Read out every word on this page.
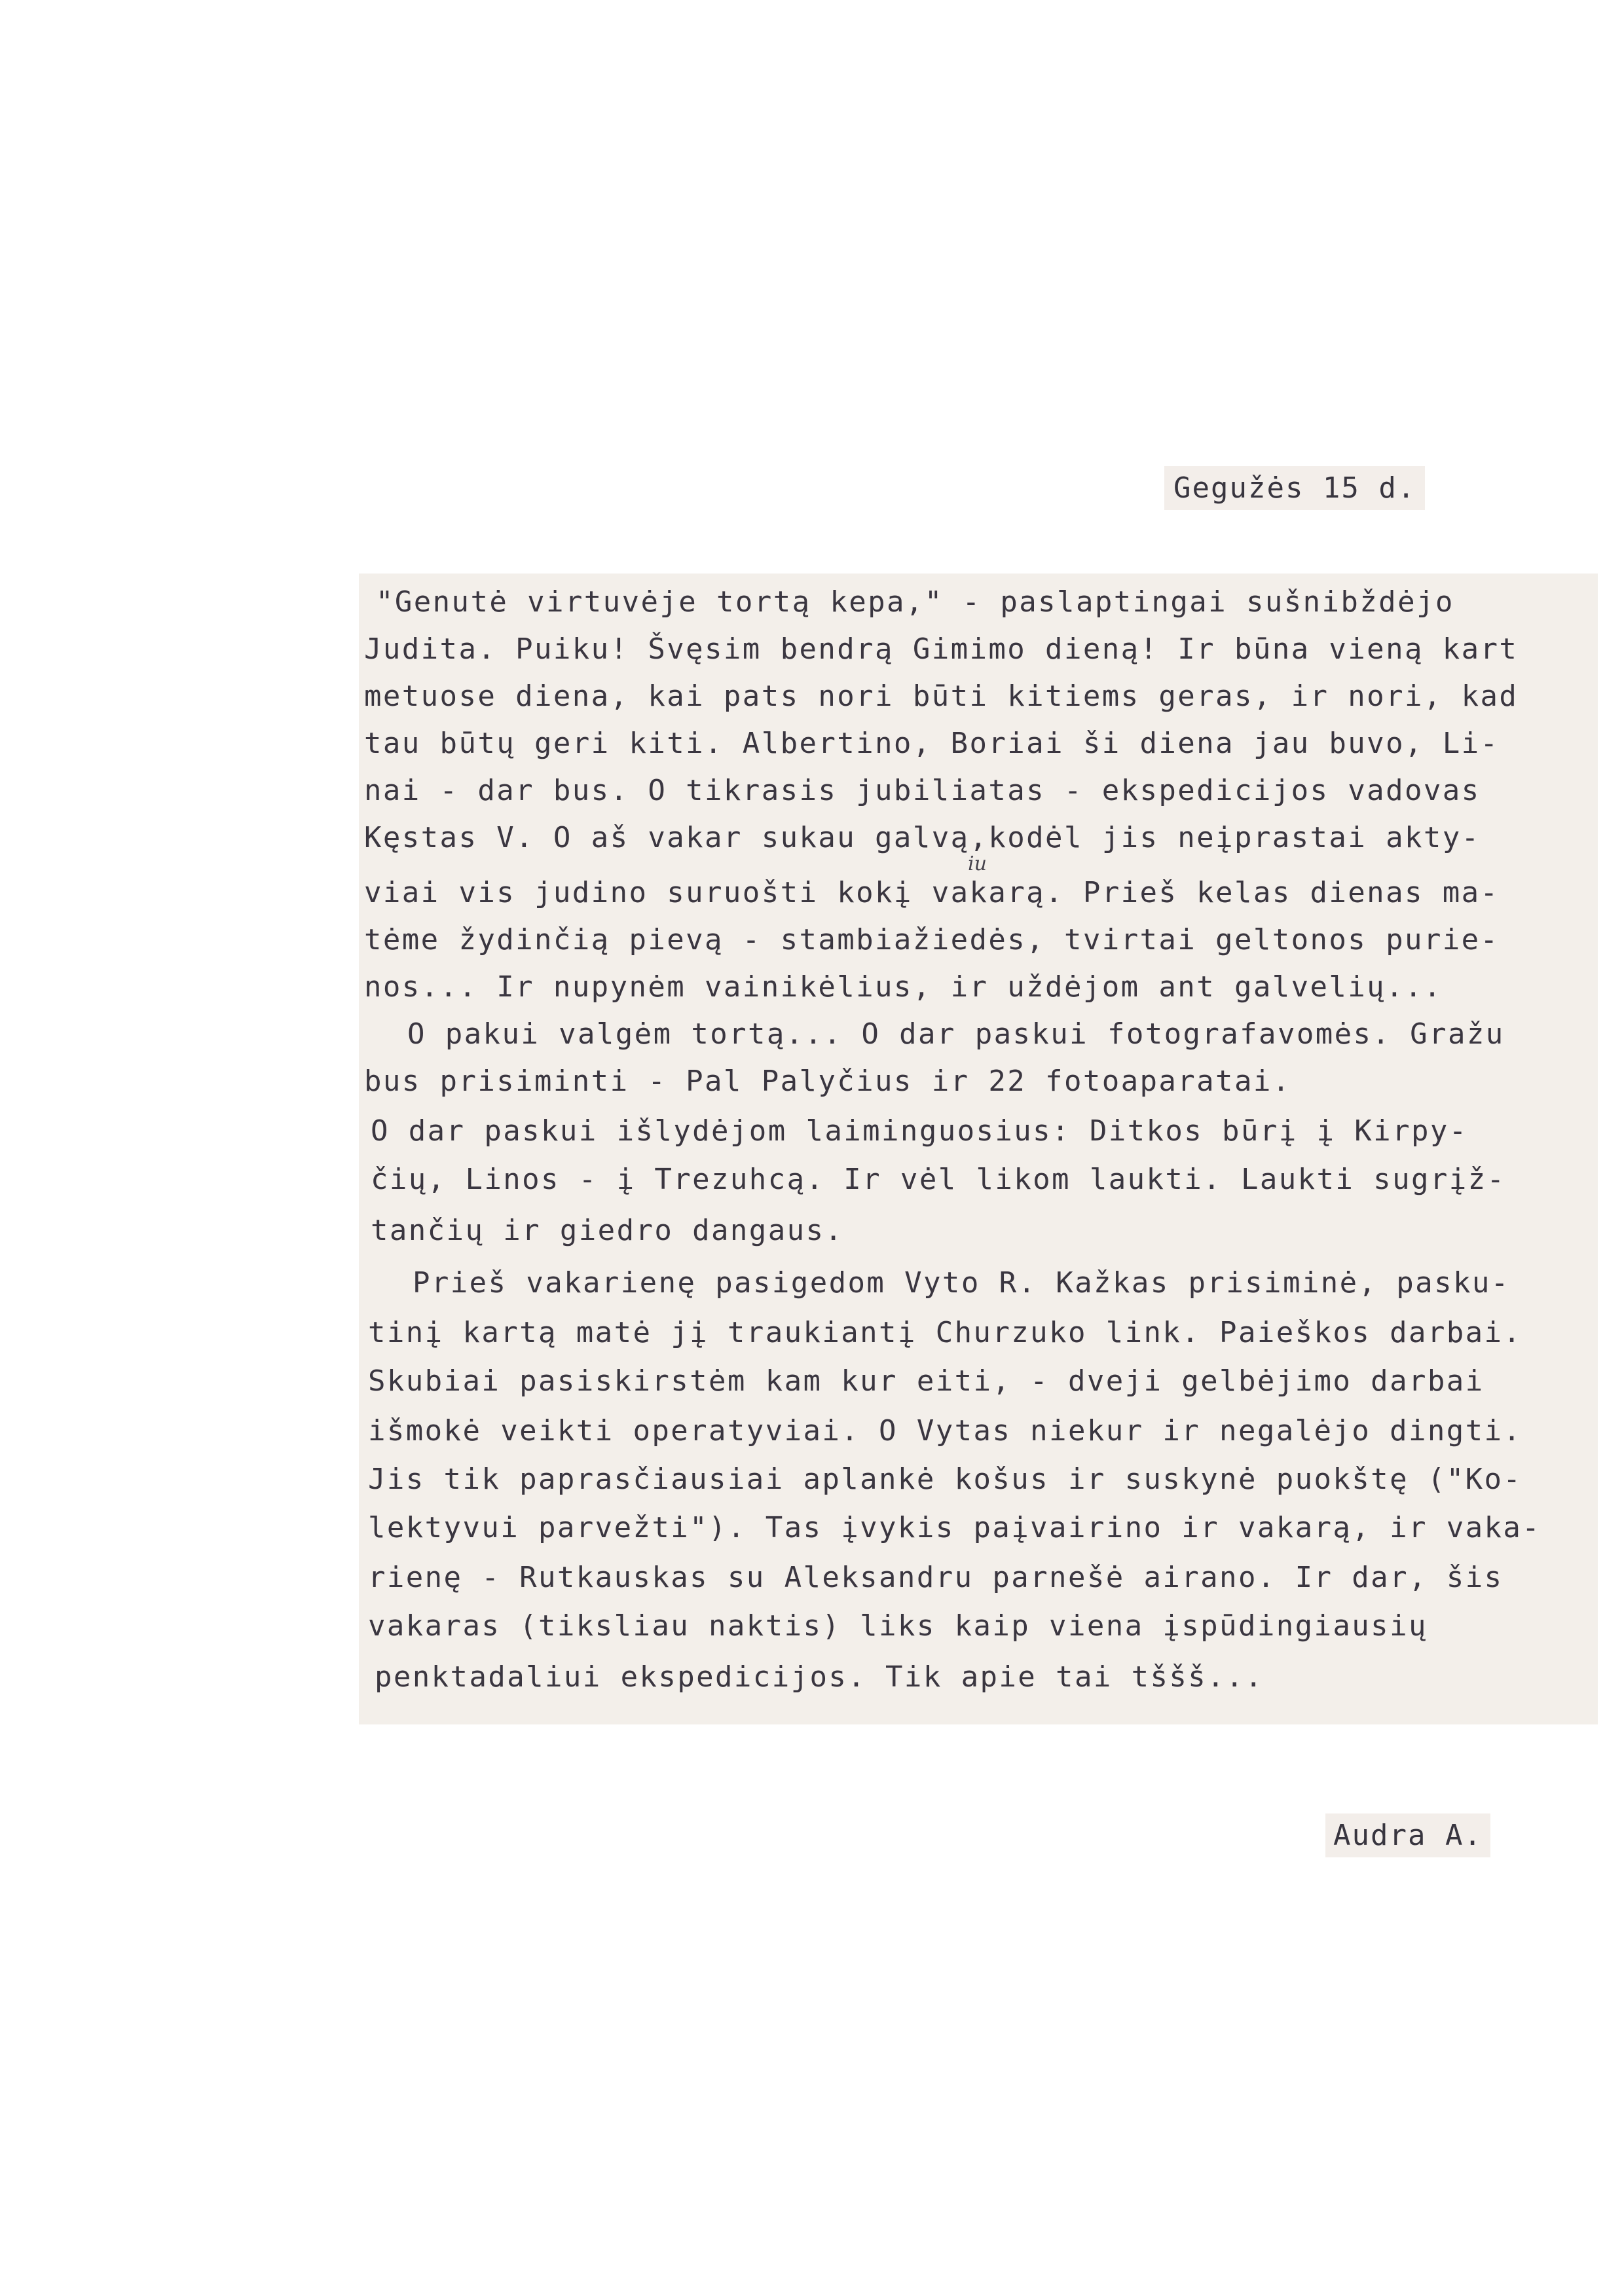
Gegužės 15 d.
"Genutė virtuvėje tortą kepa," - paslaptingai sušnibždėjo
Judita. Puiku! Švęsim bendrą Gimimo dieną! Ir būna vieną kart
metuose diena, kai pats nori būti kitiems geras, ir nori, kad
tau būtų geri kiti. Albertino, Boriai ši diena jau buvo, Li-
nai - dar bus. O tikrasis jubiliatas - ekspedicijos vadovas
Kęstas V. O aš vakar sukau galvą,kodėl jis neįprastai akty-
viai vis judino suruošti kokį vakarą. Prieš kelas dienas ma-
tėme žydinčią pievą - stambiažiedės, tvirtai geltonos purie-
nos... Ir nupynėm vainikėlius, ir uždėjom ant galvelių...
O pakui valgėm tortą... O dar paskui fotografavomės. Gražu
bus prisiminti - Pal Palyčius ir 22 fotoaparatai.
O dar paskui išlydėjom laiminguosius: Ditkos būrį į Kirpy-
čių, Linos - į Trezuhcą. Ir vėl likom laukti. Laukti sugrįž-
tančių ir giedro dangaus.
Prieš vakarienę pasigedom Vyto R. Kažkas prisiminė, pasku-
tinį kartą matė jį traukiantį Churzuko link. Paieškos darbai.
Skubiai pasiskirstėm kam kur eiti, - dveji gelbėjimo darbai
išmokė veikti operatyviai. O Vytas niekur ir negalėjo dingti.
Jis tik paprasčiausiai aplankė košus ir suskynė puokštę ("Ko-
lektyvui parvežti"). Tas įvykis paįvairino ir vakarą, ir vaka-
rienę - Rutkauskas su Aleksandru parnešė airano. Ir dar, šis
vakaras (tiksliau naktis) liks kaip viena įspūdingiausių
penktadaliui ekspedicijos. Tik apie tai tššš...
iu
Audra A.
